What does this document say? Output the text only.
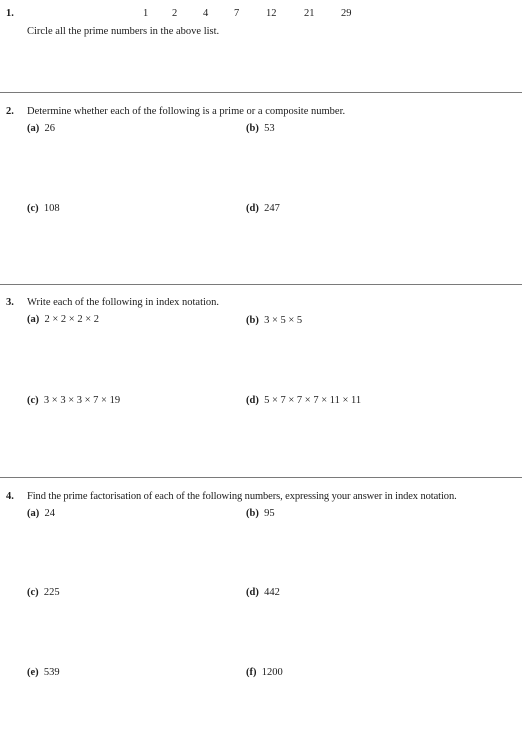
1.	1 2 4 7	12	21	29
Circle all the prime numbers in the above list.
2. Determine whether each of the following is a prime or a composite number.
(a) 26	(b) 53
(c) 108	(d) 247
3. Write each of the following in index notation.
(a) 2 × 2 × 2 × 2	(b) 3 × 5 × 5
(c) 3 × 3 × 3 × 7 × 19	(d) 5 × 7 × 7 × 7 × 11 × 11
4. Find the prime factorisation of each of the following numbers, expressing your answer in index notation.
(a) 24	(b) 95
(c) 225	(d) 442
(e) 539	(f) 1200
